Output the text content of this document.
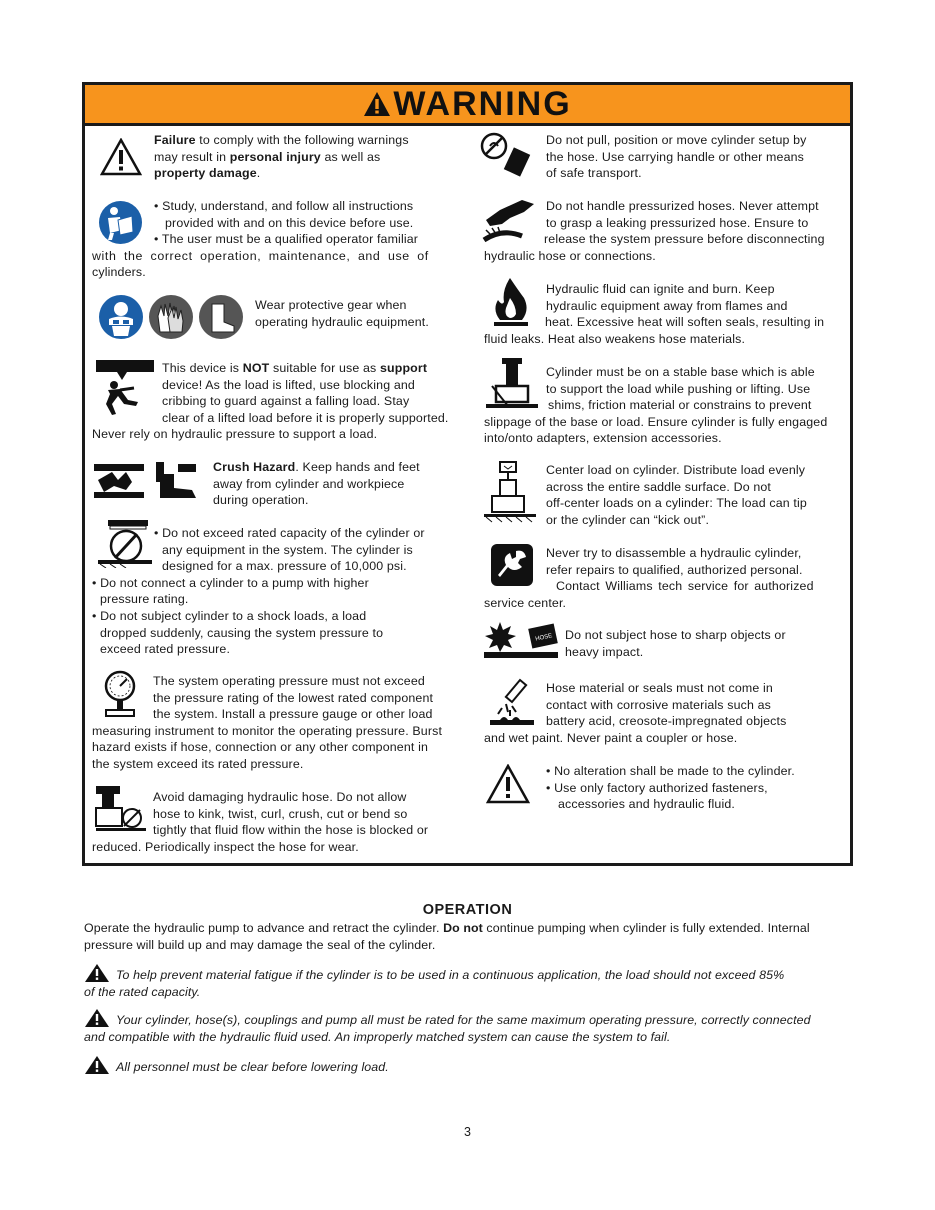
WARNING
Failure to comply with the following warnings
may result in personal injury as well as
property damage.
• Study, understand, and follow all instructions
provided with and on this device before use.
• The user must be a qualified operator familiar
with the correct operation, maintenance, and use of
cylinders.
Wear protective gear when
operating hydraulic equipment.
This device is NOT suitable for use as support
device! As the load is lifted, use blocking and
cribbing to guard against a falling load. Stay
clear of a lifted load before it is properly supported.
Never rely on hydraulic pressure to support a load.
Crush Hazard. Keep hands and feet
away from cylinder and workpiece
during operation.
• Do not exceed rated capacity of the cylinder or
any equipment in the system. The cylinder is
designed for a max. pressure of 10,000 psi.
• Do not connect a cylinder to a pump with higher
pressure rating.
• Do not subject cylinder to a shock loads, a load
dropped suddenly, causing the system pressure to
exceed rated pressure.
The system operating pressure must not exceed
the pressure rating of the lowest rated component
the system. Install a pressure gauge or other load
measuring instrument to monitor the operating pressure. Burst
hazard exists if hose, connection or any other component in
the system exceed its rated pressure.
Avoid damaging hydraulic hose. Do not allow
hose to kink, twist, curl, crush, cut or bend so
tightly that fluid flow within the hose is blocked or
reduced. Periodically inspect the hose for wear.
Do not pull, position or move cylinder setup by
the hose. Use carrying handle or other means
of safe transport.
Do not handle pressurized hoses. Never attempt
to grasp a leaking pressurized hose. Ensure to
release the system pressure before disconnecting
hydraulic hose or connections.
Hydraulic fluid can ignite and burn. Keep
hydraulic equipment away from flames and
heat. Excessive heat will soften seals, resulting in
fluid leaks. Heat also weakens hose materials.
Cylinder must be on a stable base which is able
to support the load while pushing or lifting. Use
shims, friction material or constrains to prevent
slippage of the base or load. Ensure cylinder is fully engaged
into/onto adapters, extension accessories.
Center load on cylinder. Distribute load evenly
across the entire saddle surface. Do not
off-center loads on a cylinder: The load can tip
or the cylinder can “kick out”.
Never try to disassemble a hydraulic cylinder,
refer repairs to qualified, authorized personal.
Contact Williams tech service for authorized
service center.
HOSE Do not subject hose to sharp objects or
heavy impact.
Hose material or seals must not come in
contact with corrosive materials such as
battery acid, creosote-impregnated objects
and wet paint. Never paint a coupler or hose.
• No alteration shall be made to the cylinder.
• Use only factory authorized fasteners,
accessories and hydraulic fluid.
OPERATION
Operate the hydraulic pump to advance and retract the cylinder. Do not continue pumping when cylinder is fully extended. Internal
pressure will build up and may damage the seal of the cylinder.
To help prevent material fatigue if the cylinder is to be used in a continuous application, the load should not exceed 85%
of the rated capacity.
Your cylinder, hose(s), couplings and pump all must be rated for the same maximum operating pressure, correctly connected
and compatible with the hydraulic fluid used. An improperly matched system can cause the system to fail.
All personnel must be clear before lowering load.
3
